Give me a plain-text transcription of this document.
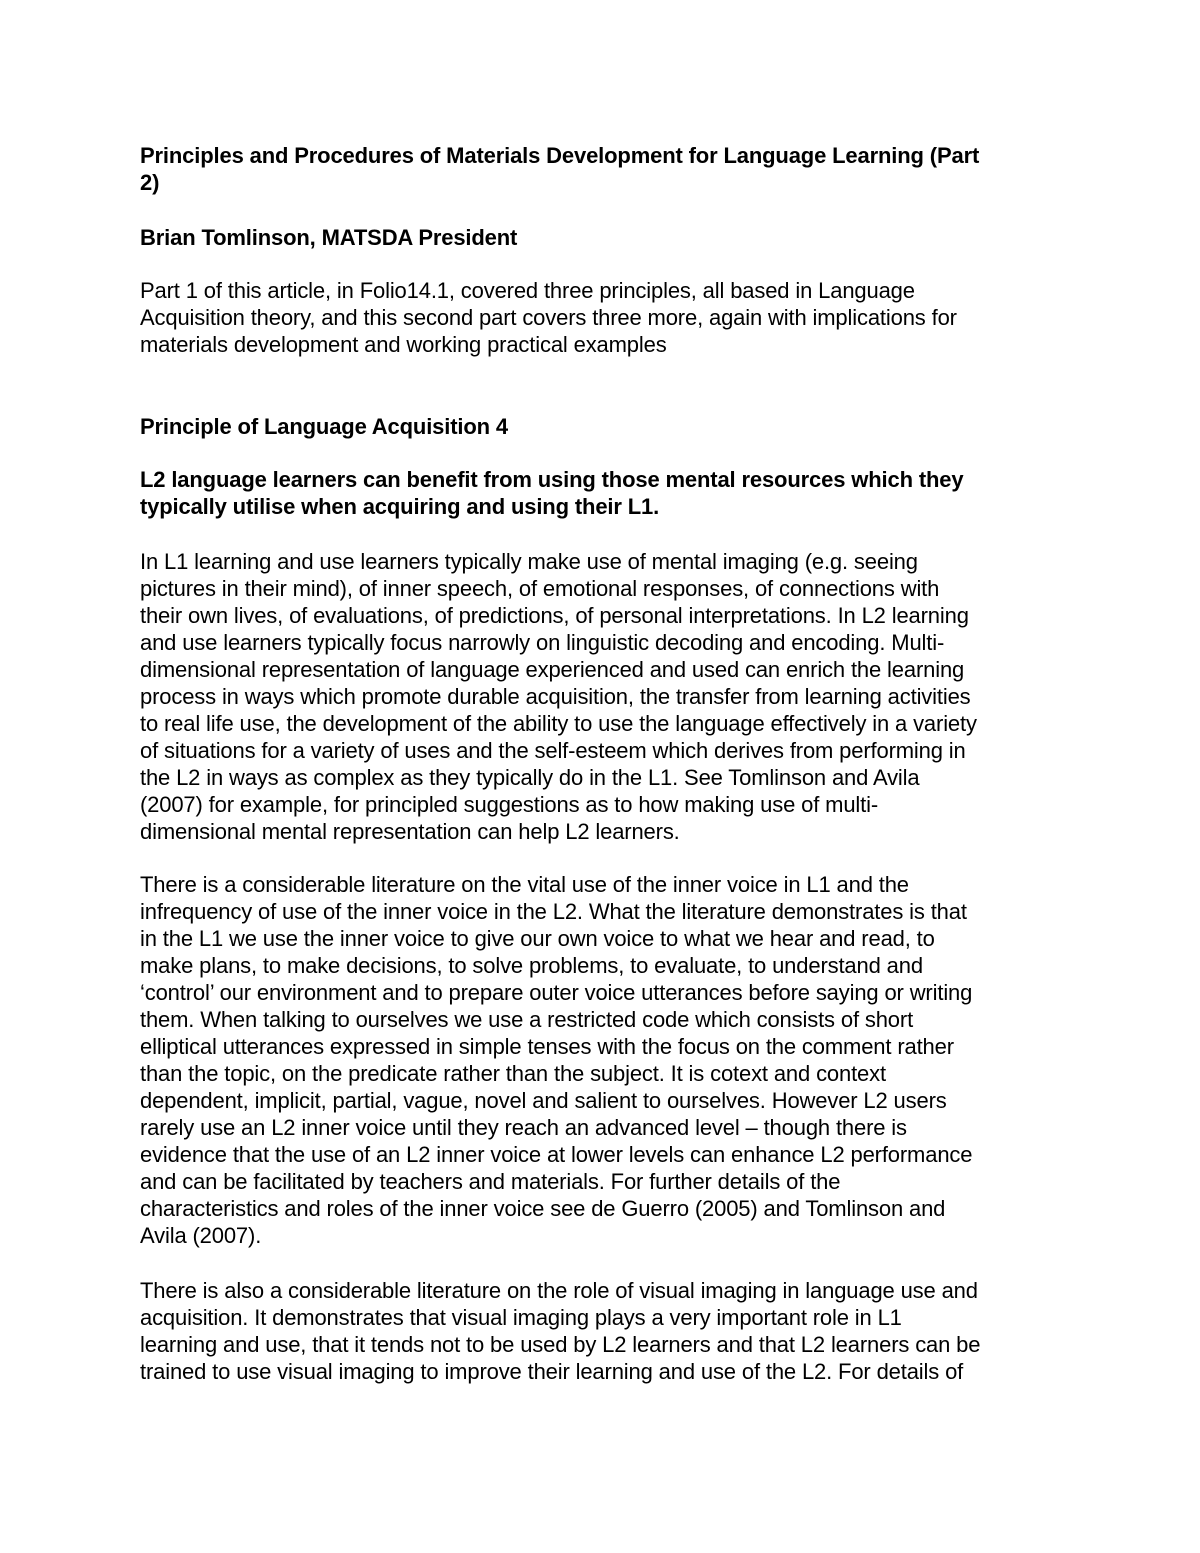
Principles and Procedures of Materials Development for Language Learning (Part
2)
Brian Tomlinson, MATSDA President
Part 1 of this article, in Folio14.1, covered three principles, all based in Language
Acquisition theory, and this second part covers three more, again with implications for
materials development and working practical examples
Principle of Language Acquisition 4
L2 language learners can benefit from using those mental resources which they
typically utilise when acquiring and using their L1.
In L1 learning and use learners typically make use of mental imaging (e.g. seeing
pictures in their mind), of inner speech, of emotional responses, of connections with
their own lives, of evaluations, of predictions, of personal interpretations. In L2 learning
and use learners typically focus narrowly on linguistic decoding and encoding. Multi-
dimensional representation of language experienced and used can enrich the learning
process in ways which promote durable acquisition, the transfer from learning activities
to real life use, the development of the ability to use the language effectively in a variety
of situations for a variety of uses and the self-esteem which derives from performing in
the L2 in ways as complex as they typically do in the L1. See Tomlinson and Avila
(2007) for example, for principled suggestions as to how making use of multi-
dimensional mental representation can help L2 learners.
There is a considerable literature on the vital use of the inner voice in L1 and the
infrequency of use of the inner voice in the L2. What the literature demonstrates is that
in the L1 we use the inner voice to give our own voice to what we hear and read, to
make plans, to make decisions, to solve problems, to evaluate, to understand and
‘control’ our environment and to prepare outer voice utterances before saying or writing
them. When talking to ourselves we use a restricted code which consists of short
elliptical utterances expressed in simple tenses with the focus on the comment rather
than the topic, on the predicate rather than the subject. It is cotext and context
dependent, implicit, partial, vague, novel and salient to ourselves. However L2 users
rarely use an L2 inner voice until they reach an advanced level – though there is
evidence that the use of an L2 inner voice at lower levels can enhance L2 performance
and can be facilitated by teachers and materials. For further details of the
characteristics and roles of the inner voice see de Guerro (2005) and Tomlinson and
Avila (2007).
There is also a considerable literature on the role of visual imaging in language use and
acquisition. It demonstrates that visual imaging plays a very important role in L1
learning and use, that it tends not to be used by L2 learners and that L2 learners can be
trained to use visual imaging to improve their learning and use of the L2. For details of
